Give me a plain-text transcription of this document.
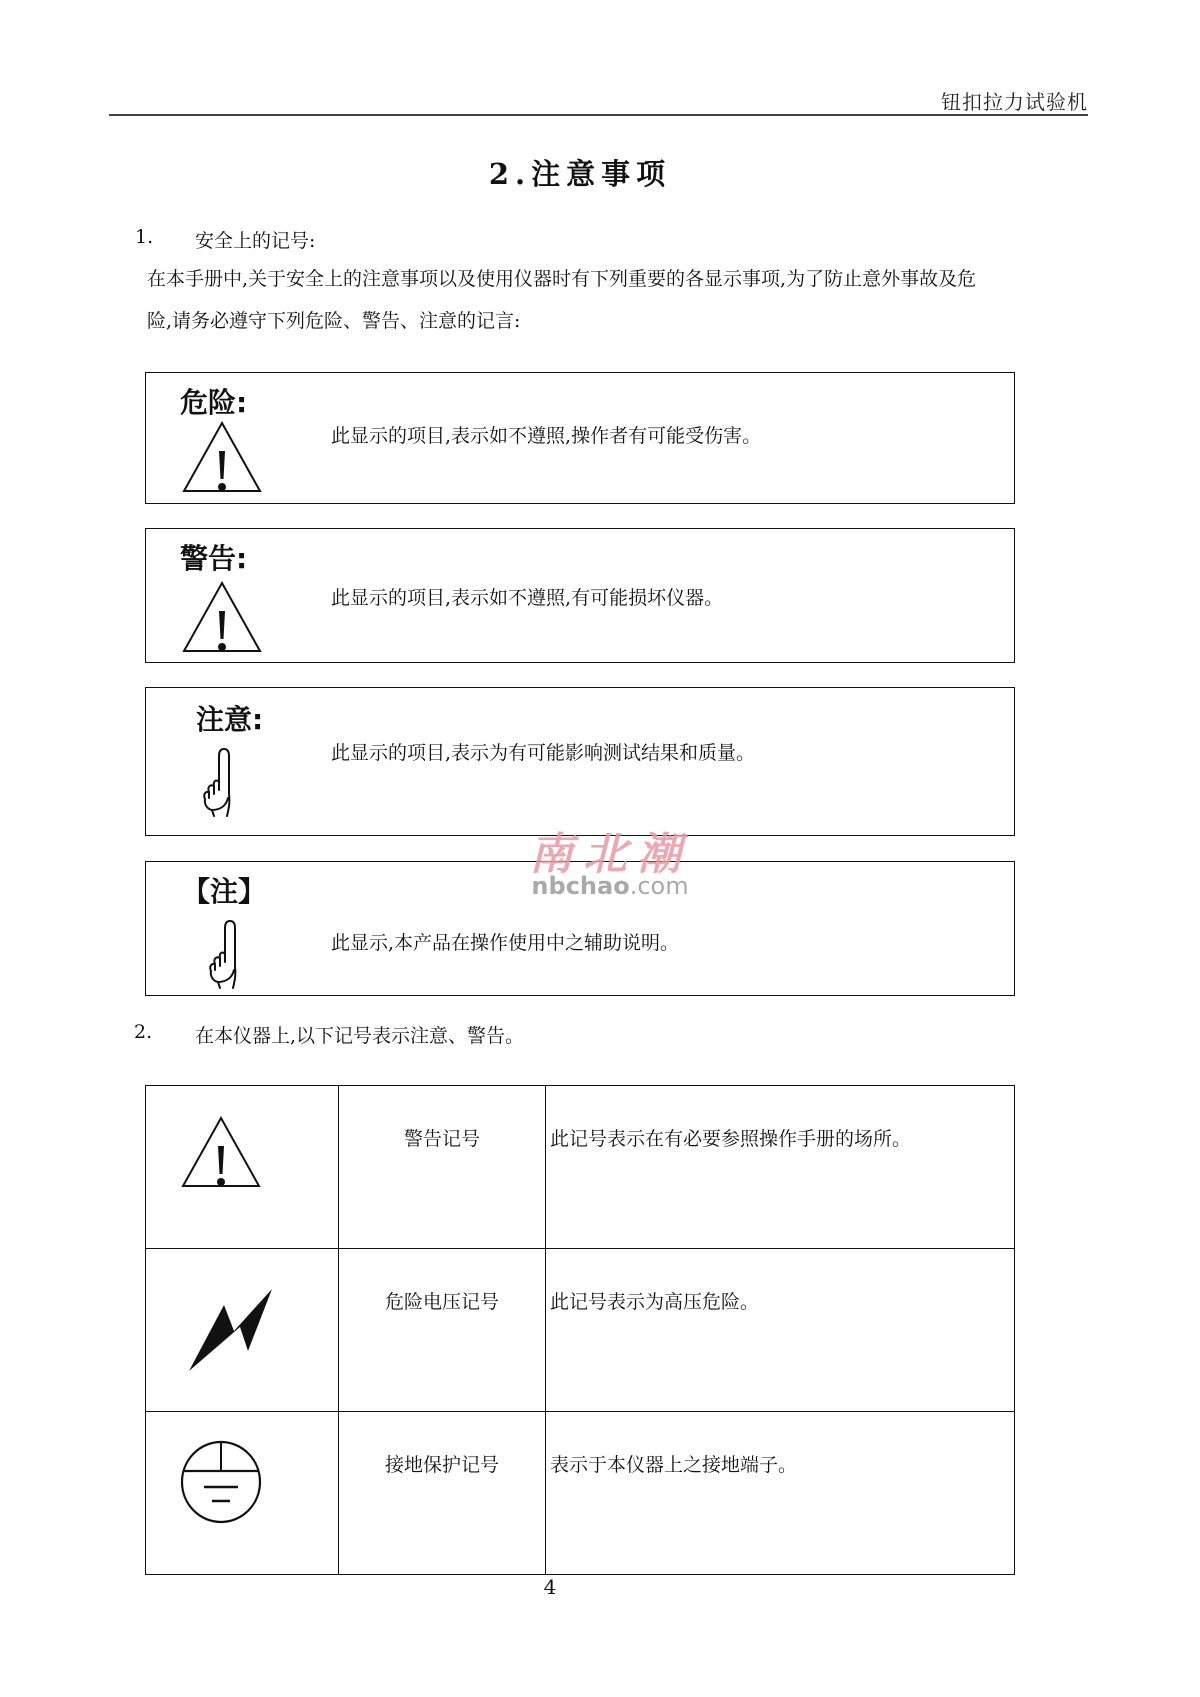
钮扣拉力试验机
2.注意事项
1. 安全上的记号:
在本手册中,关于安全上的注意事项以及使用仪器时有下列重要的各显示事项,为了防止意外事故及危
险,请务必遵守下列危险、警告、注意的记言:
危险:
此显示的项目,表示如不遵照,操作者有可能受伤害。
警告:
此显示的项目,表示如不遵照,有可能损坏仪器。
注意:
此显示的项目,表示为有可能影响测试结果和质量。
【注】
此显示,本产品在操作使用中之辅助说明。
南北潮
nbchao.com
2. 在本仪器上,以下记号表示注意、警告。
	警告记号	此记号表示在有必要参照操作手册的场所。

	危险电压记号	此记号表示为高压危险。

	接地保护记号	表示于本仪器上之接地端子。
4
